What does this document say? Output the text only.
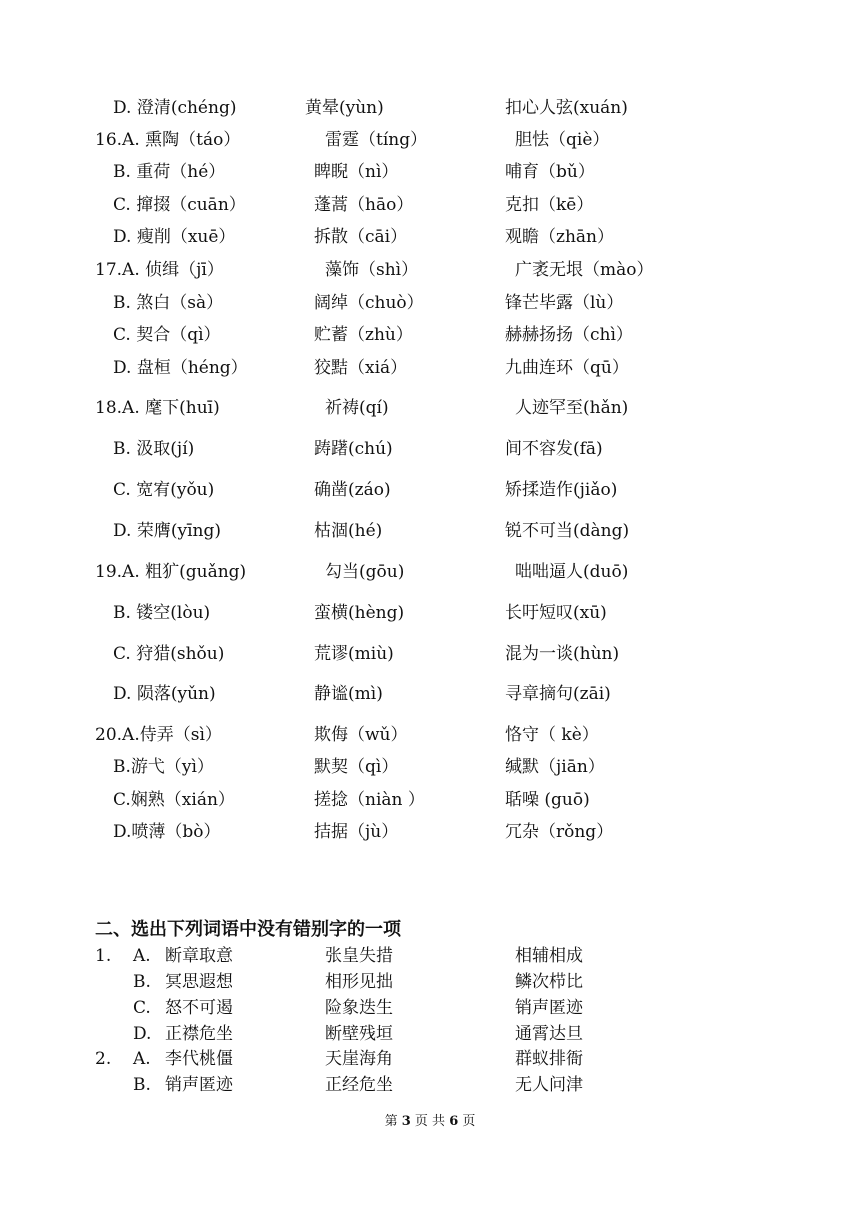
D. 澄清(chéng)	黄晕(yùn)	扣心人弦(xuán)
16.A. 熏陶（táo）	雷霆（tíng）	胆怯（qiè）
B. 重荷（hé）	睥睨（nì）	哺育（bǔ）
C. 撺掇（cuān）	蓬蒿（hāo）	克扣（kē）
D. 瘦削（xuē）	拆散（cāi）	观瞻（zhān）
17.A. 侦缉（jī）	藻饰（shì）	广袤无垠（mào）
B. 煞白（sà）	阔绰（chuò）	锋芒毕露（lù）
C. 契合（qì）	贮蓄（zhù）	赫赫扬扬（chì）
D. 盘桓（héng）	狡黠（xiá）	九曲连环（qū）
18.A. 麾下(huī)	祈祷(qí)	人迹罕至(hǎn)
B. 汲取(jí)	踌躇(chú)	间不容发(fā)
C. 宽宥(yǒu)	确凿(záo)	矫揉造作(jiǎo)
D. 荣膺(yīng)	枯涸(hé)	锐不可当(dàng)
19.A. 粗犷(guǎng)	勾当(gōu)	咄咄逼人(duō)
B. 镂空(lòu)	蛮横(hèng)	长吁短叹(xū)
C. 狩猎(shǒu)	荒谬(miù)	混为一谈(hùn)
D. 陨落(yǔn)	静谧(mì)	寻章摘句(zāi)
20.A.侍弄（sì）	欺侮（wǔ）	恪守（ kè）
B.游弋（yì）	默契（qì）	缄默（jiān）
C.娴熟（xián）	搓捻（niàn ）	聒噪 (guō)
D.喷薄（bò）	拮据（jù）	冗杂（rǒng）
二、选出下列词语中没有错别字的一项
1. A. 断章取意	张皇失措	相辅相成
B. 冥思遐想	相形见拙	鳞次栉比
C. 怒不可遏	险象迭生	销声匿迹
D. 正襟危坐	断壁残垣	通霄达旦
2. A. 李代桃僵	天崖海角	群蚁排衙
B. 销声匿迹	正经危坐	无人问津
第 3 页 共 6 页
